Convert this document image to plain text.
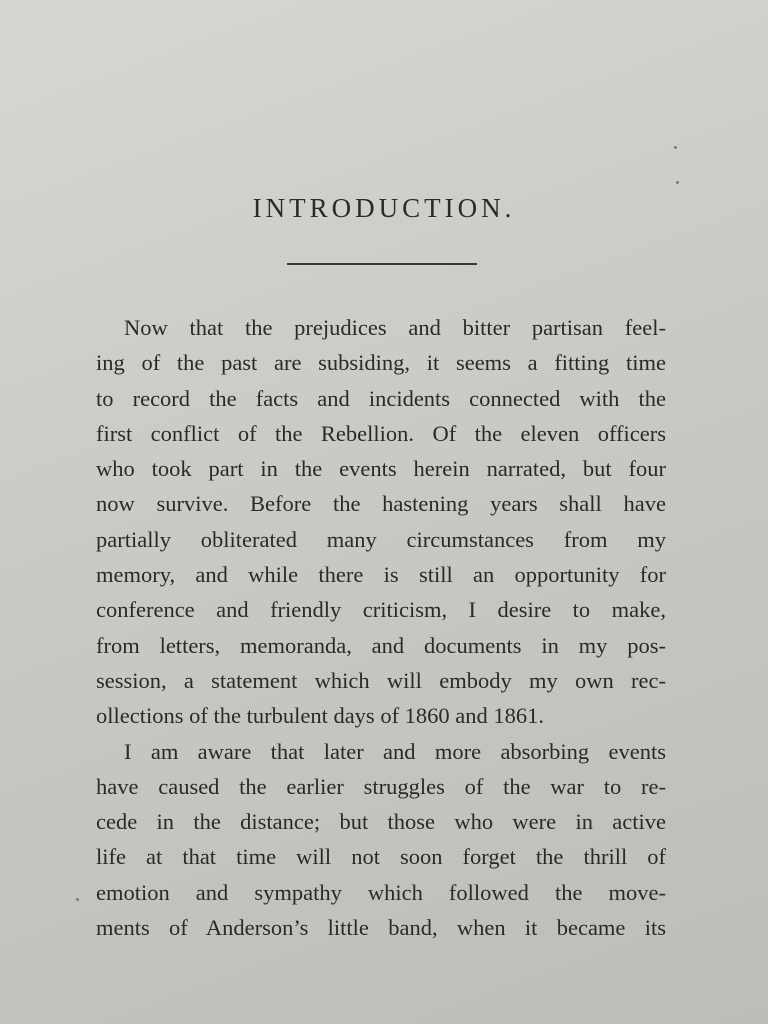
INTRODUCTION.
Now that the prejudices and bitter partisan feel-
ing of the past are subsiding, it seems a fitting time
to record the facts and incidents connected with the
first conflict of the Rebellion. Of the eleven officers
who took part in the events herein narrated, but four
now survive. Before the hastening years shall have
partially obliterated many circumstances from my
memory, and while there is still an opportunity for
conference and friendly criticism, I desire to make,
from letters, memoranda, and documents in my pos-
session, a statement which will embody my own rec-
ollections of the turbulent days of 1860 and 1861.
I am aware that later and more absorbing events
have caused the earlier struggles of the war to re-
cede in the distance; but those who were in active
life at that time will not soon forget the thrill of
emotion and sympathy which followed the move-
ments of Anderson’s little band, when it became its
